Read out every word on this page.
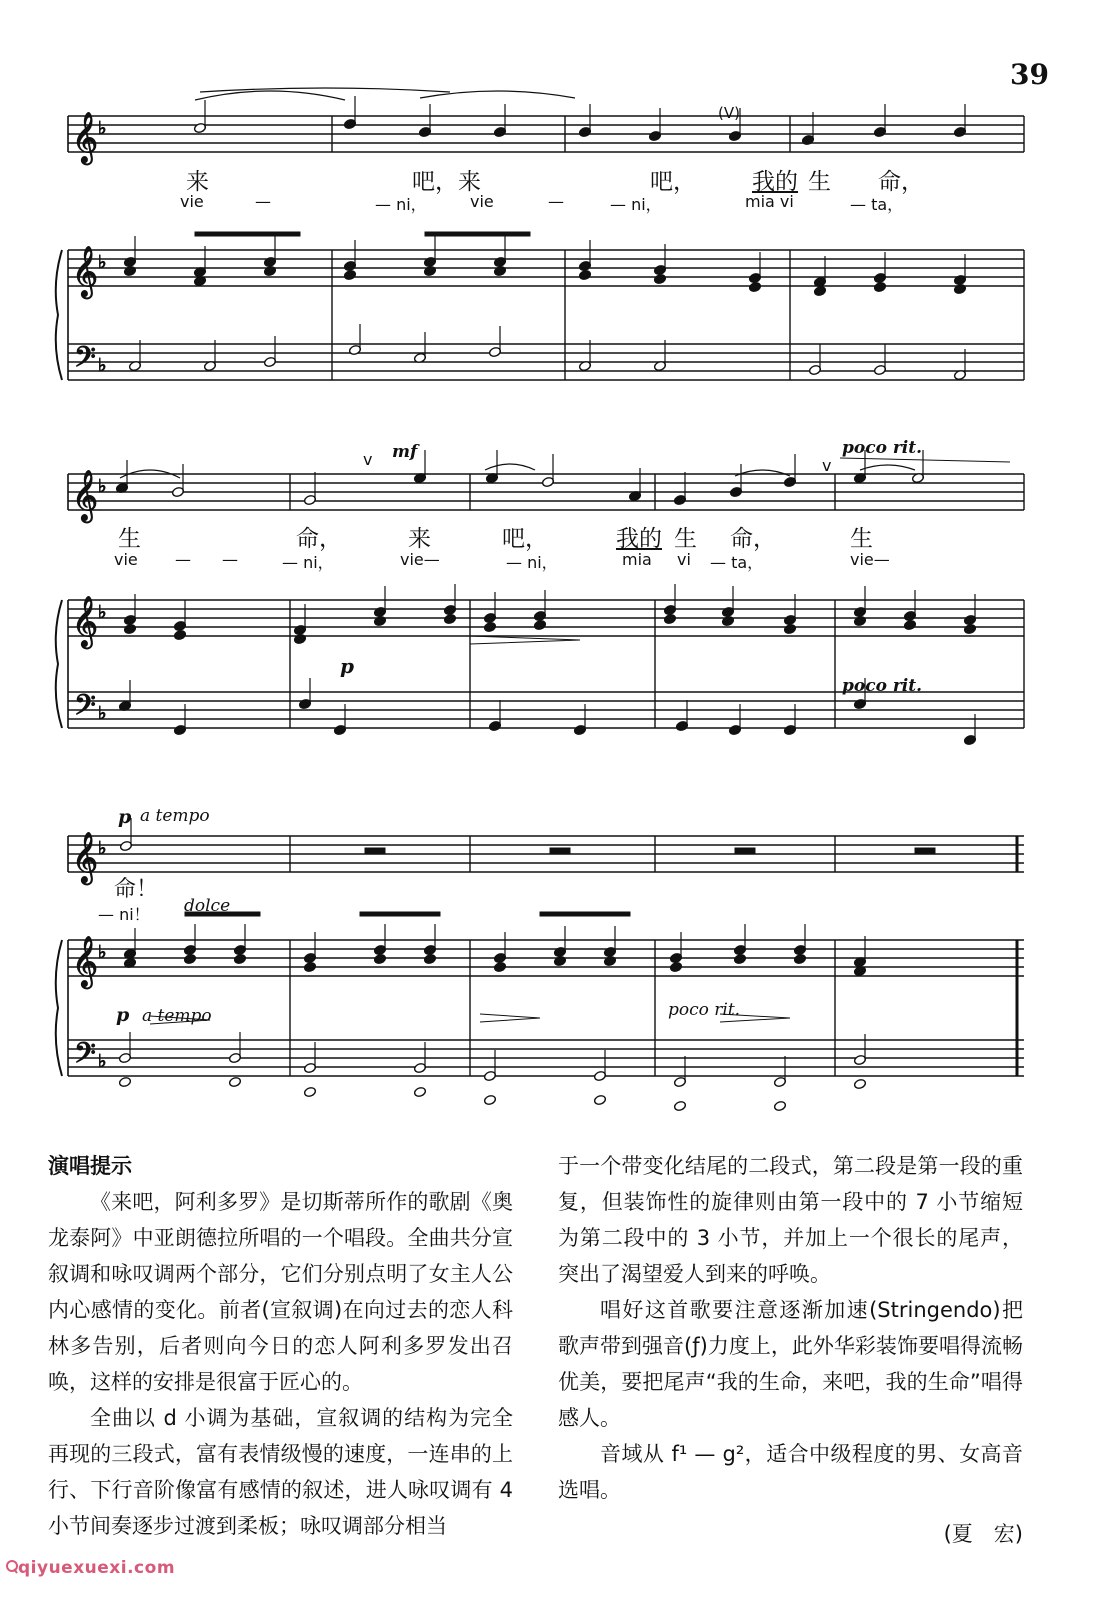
39
𝄞
𝄞
𝄢
♭
♭
♭
𝄞
𝄞
𝄢
♭
♭
♭
𝄞
𝄞
𝄢
♭
♭
♭
(V)
来	吧，来	吧， 我的 生 命，
vie	—	— ni，	vie	—	— ni，	mia vi	— ta，
poco rit.
mf
v	v
生	命，	来	吧，	我的 生 命，	生
vie — —	— ni，	vie—	— ni，	mia vi — ta，	vie—
p
poco rit.
p a tempo
命！
— ni！ dolce
p a tempo	poco rit.

演唱提示

《来吧，阿利多罗》是切斯蒂所作的歌剧《奥龙泰阿》中亚朗德拉所唱的一个唱段。全曲共分宣叙调和咏叹调两个部分，它们分别点明了女主人公内心感情的变化。前者(宣叙调)在向过去的恋人科林多告别，后者则向今日的恋人阿利多罗发出召唤，这样的安排是很富于匠心的。

全曲以 d 小调为基础，宣叙调的结构为完全再现的三段式，富有表情级慢的速度，一连串的上行、下行音阶像富有感情的叙述，进人咏叹调有 4 小节间奏逐步过渡到柔板；咏叹调部分相当

于一个带变化结尾的二段式，第二段是第一段的重复，但装饰性的旋律则由第一段中的 7 小节缩短为第二段中的 3 小节，并加上一个很长的尾声，突出了渴望爱人到来的呼唤。

唱好这首歌要注意逐渐加速(Stringendo)把歌声带到强音(ƒ)力度上，此外华彩装饰要唱得流畅优美，要把尾声“我的生命，来吧，我的生命”唱得感人。

音域从 f¹ — g²，适合中级程度的男、女高音选唱。

(夏　宏)

qiyuexuexi.com
